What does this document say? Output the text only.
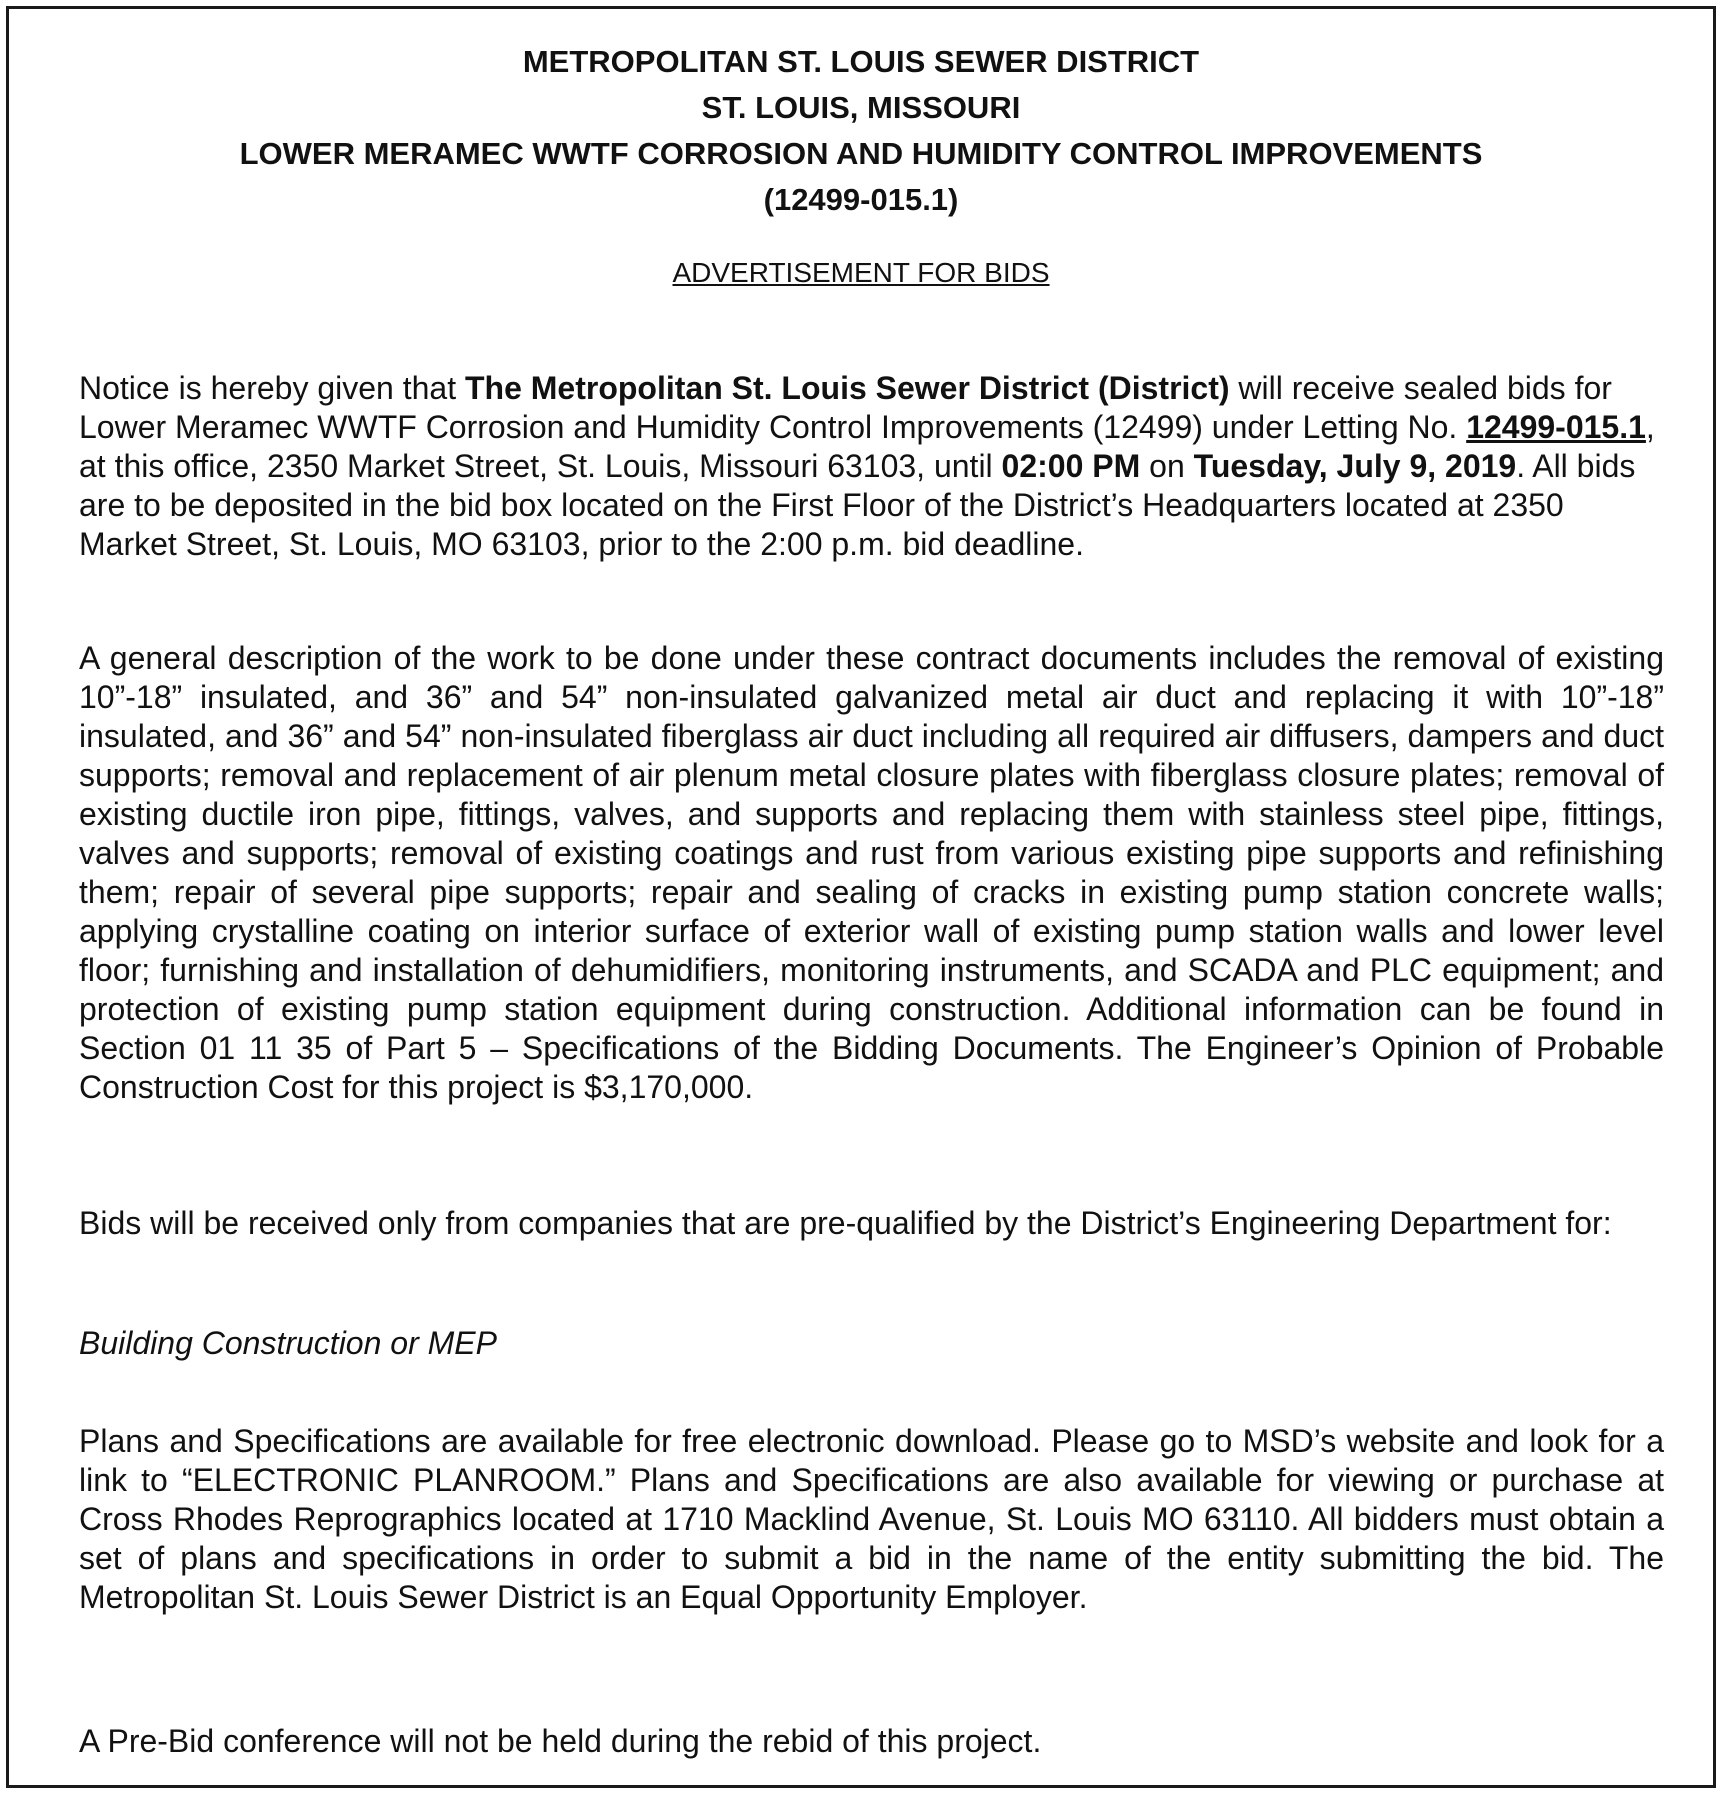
METROPOLITAN ST. LOUIS SEWER DISTRICT
ST. LOUIS, MISSOURI
LOWER MERAMEC WWTF CORROSION AND HUMIDITY CONTROL IMPROVEMENTS
(12499-015.1)
ADVERTISEMENT FOR BIDS
Notice is hereby given that The Metropolitan St. Louis Sewer District (District) will receive sealed bids for Lower Meramec WWTF Corrosion and Humidity Control Improvements (12499) under Letting No. 12499-015.1, at this office, 2350 Market Street, St. Louis, Missouri 63103, until 02:00 PM on Tuesday, July 9, 2019. All bids are to be deposited in the bid box located on the First Floor of the District’s Headquarters located at 2350 Market Street, St. Louis, MO 63103, prior to the 2:00 p.m. bid deadline.
A general description of the work to be done under these contract documents includes the removal of existing 10”-18” insulated, and 36” and 54” non-insulated galvanized metal air duct and replacing it with 10”-18” insulated, and 36” and 54” non-insulated fiberglass air duct including all required air diffusers, dampers and duct supports; removal and replacement of air plenum metal closure plates with fiberglass closure plates; removal of existing ductile iron pipe, fittings, valves, and supports and replacing them with stainless steel pipe, fittings, valves and supports; removal of existing coatings and rust from various existing pipe supports and refinishing them; repair of several pipe supports; repair and sealing of cracks in existing pump station concrete walls; applying crystalline coating on interior surface of exterior wall of existing pump station walls and lower level floor; furnishing and installation of dehumidifiers, monitoring instruments, and SCADA and PLC equipment; and protection of existing pump station equipment during construction. Additional information can be found in Section 01 11 35 of Part 5 – Specifications of the Bidding Documents. The Engineer’s Opinion of Probable Construction Cost for this project is $3,170,000.
Bids will be received only from companies that are pre-qualified by the District’s Engineering Department for:
Building Construction or MEP
Plans and Specifications are available for free electronic download. Please go to MSD’s website and look for a link to “ELECTRONIC PLANROOM.” Plans and Specifications are also available for viewing or purchase at Cross Rhodes Reprographics located at 1710 Macklind Avenue, St. Louis MO 63110. All bidders must obtain a set of plans and specifications in order to submit a bid in the name of the entity submitting the bid. The Metropolitan St. Louis Sewer District is an Equal Opportunity Employer.
A Pre-Bid conference will not be held during the rebid of this project.
